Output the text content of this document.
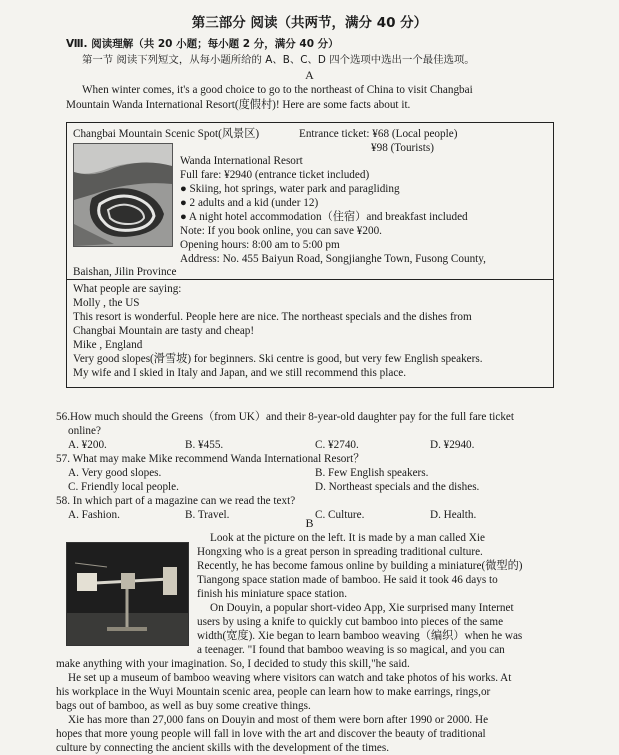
第三部分 阅读（共两节，满分 40 分）
Ⅷ. 阅读理解（共 20 小题；每小题 2 分，满分 40 分）
第一节 阅读下列短文，从每小题所给的 A、B、C、D 四个选项中选出一个最佳选项。
A
When winter comes, it's a good choice to go to the northeast of China to visit Changbai
Mountain Wanda International Resort(度假村)! Here are some facts about it.
Changbai Mountain Scenic Spot(风景区)	Entrance ticket: ¥68 (Local people)
¥98 (Tourists)
Wanda International Resort
Full fare: ¥2940 (entrance ticket included)
● Skiing, hot springs, water park and paragliding
● 2 adults and a kid (under 12)
● A night hotel accommodation（住宿）and breakfast included
Note: If you book online, you can save ¥200.
Opening hours: 8:00 am to 5:00 pm
Address: No. 455 Baiyun Road, Songjianghe Town, Fusong County,
Baishan, Jilin Province
What people are saying:
Molly , the US
This resort is wonderful. People here are nice. The northeast specials and the dishes from
Changbai Mountain are tasty and cheap!
Mike , England
Very good slopes(滑雪坡) for beginners. Ski centre is good, but very few English speakers.
My wife and I skied in Italy and Japan, and we still recommend this place.
56.How much should the Greens（from UK）and their 8-year-old daughter pay for the full fare ticket
online?
A. ¥200.	B. ¥455.	C. ¥2740.	D. ¥2940.
57. What may make Mike recommend Wanda International Resort？
A. Very good slopes.	B. Few English speakers.
C. Friendly local people.	D. Northeast specials and the dishes.
58. In which part of a magazine can we read the text?
A. Fashion.	B. Travel.	C. Culture.	D. Health.
B
Look at the picture on the left. It is made by a man called Xie
Hongxing who is a great person in spreading traditional culture.
Recently, he has become famous online by building a miniature(微型的)
Tiangong space station made of bamboo. He said it took 46 days to
finish his miniature space station.
On Douyin, a popular short-video App, Xie surprised many Internet
users by using a knife to quickly cut bamboo into pieces of the same
width(宽度). Xie began to learn bamboo weaving（编织）when he was
a teenager. "I found that bamboo weaving is so magical, and you can
make anything with your imagination. So, I decided to study this skill,"he said.
He set up a museum of bamboo weaving where visitors can watch and take photos of his works. At
his workplace in the Wuyi Mountain scenic area, people can learn how to make earrings, rings,or
bags out of bamboo, as well as buy some creative things.
Xie has more than 27,000 fans on Douyin and most of them were born after 1990 or 2000. He
hopes that more young people will fall in love with the art and discover the beauty of traditional
culture by connecting the ancient skills with the development of the times.
